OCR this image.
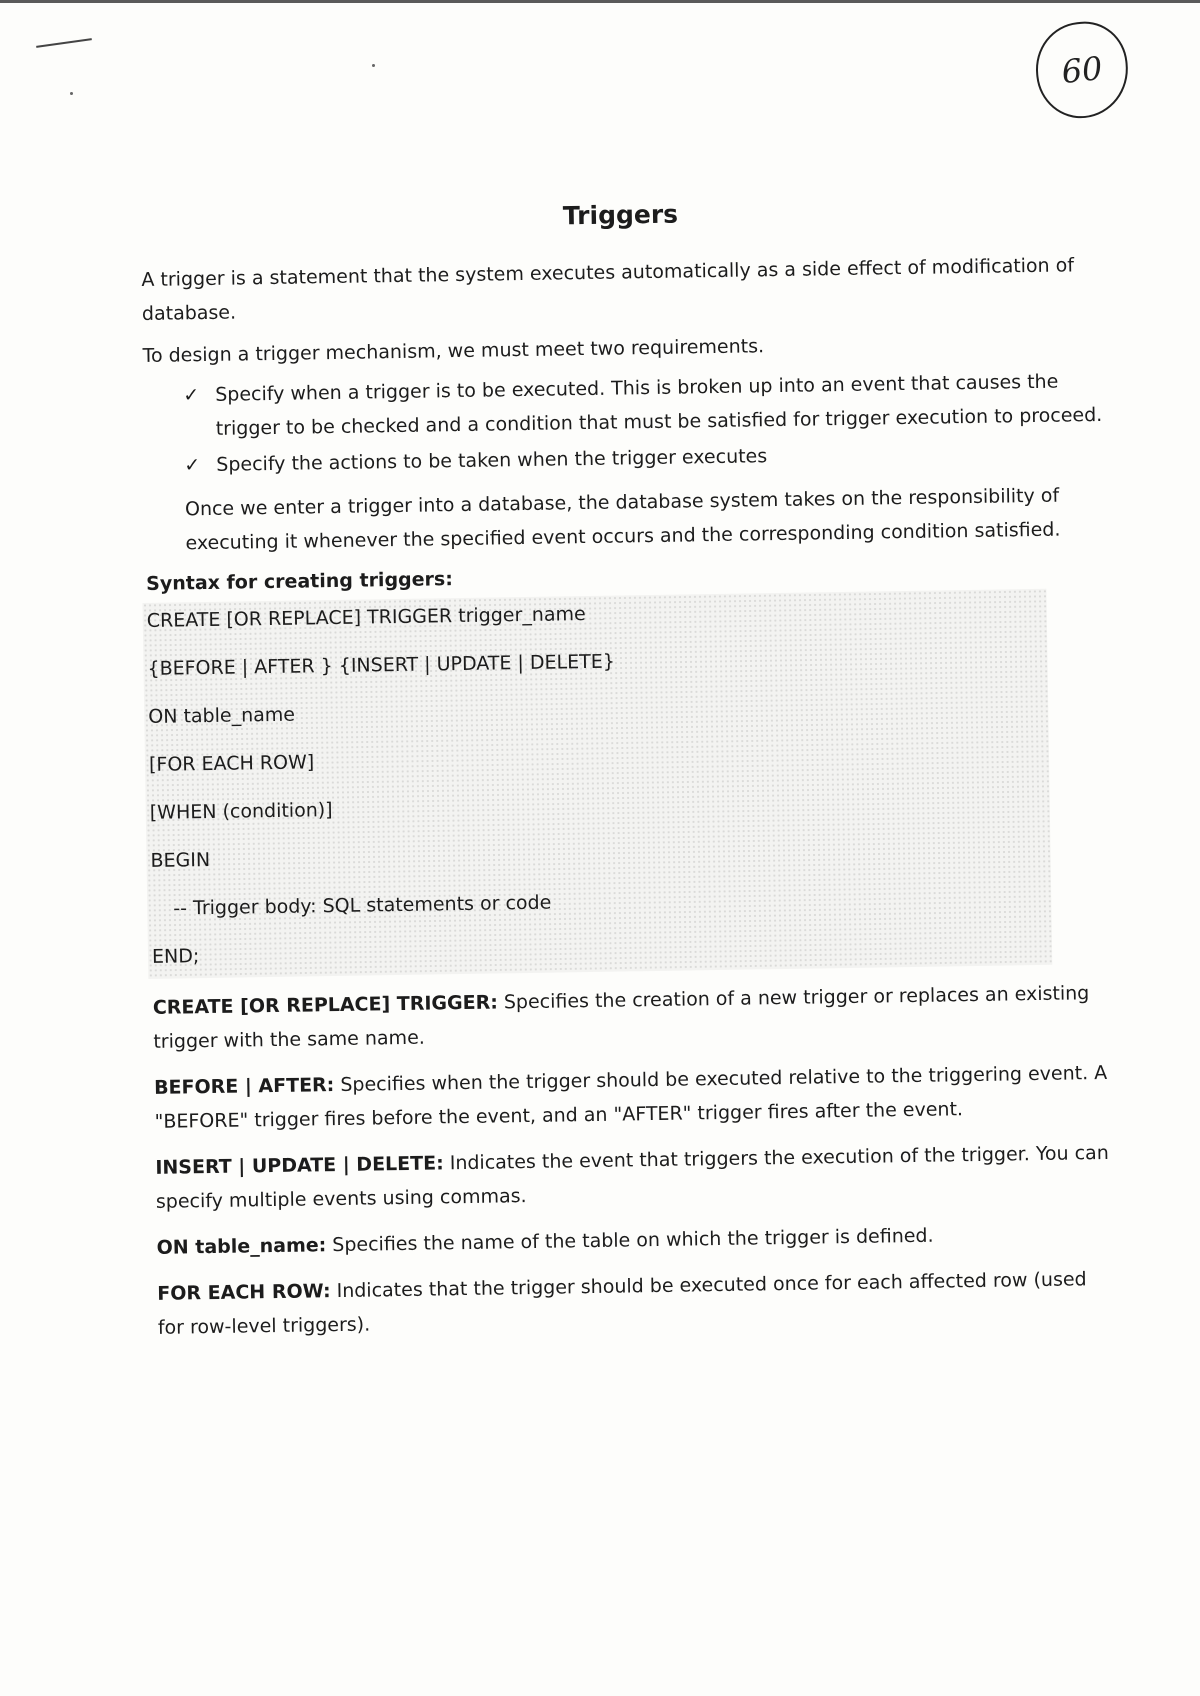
60
Triggers

A trigger is a statement that the system executes automatically as a side effect of modification of database.

To design a trigger mechanism, we must meet two requirements.

✓ Specify when a trigger is to be executed. This is broken up into an event that causes the trigger to be checked and a condition that must be satisfied for trigger execution to proceed.
✓ Specify the actions to be taken when the trigger executes

Once we enter a trigger into a database, the database system takes on the responsibility of executing it whenever the specified event occurs and the corresponding condition satisfied.

Syntax for creating triggers:
CREATE [OR REPLACE] TRIGGER trigger_name
{BEFORE | AFTER } {INSERT | UPDATE | DELETE}
ON table_name
[FOR EACH ROW]
[WHEN (condition)]
BEGIN
-- Trigger body: SQL statements or code
END;
CREATE [OR REPLACE] TRIGGER: Specifies the creation of a new trigger or replaces an existing trigger with the same name.
BEFORE | AFTER: Specifies when the trigger should be executed relative to the triggering event. A "BEFORE" trigger fires before the event, and an "AFTER" trigger fires after the event.
INSERT | UPDATE | DELETE: Indicates the event that triggers the execution of the trigger. You can specify multiple events using commas.
ON table_name: Specifies the name of the table on which the trigger is defined.
FOR EACH ROW: Indicates that the trigger should be executed once for each affected row (used for row-level triggers).
